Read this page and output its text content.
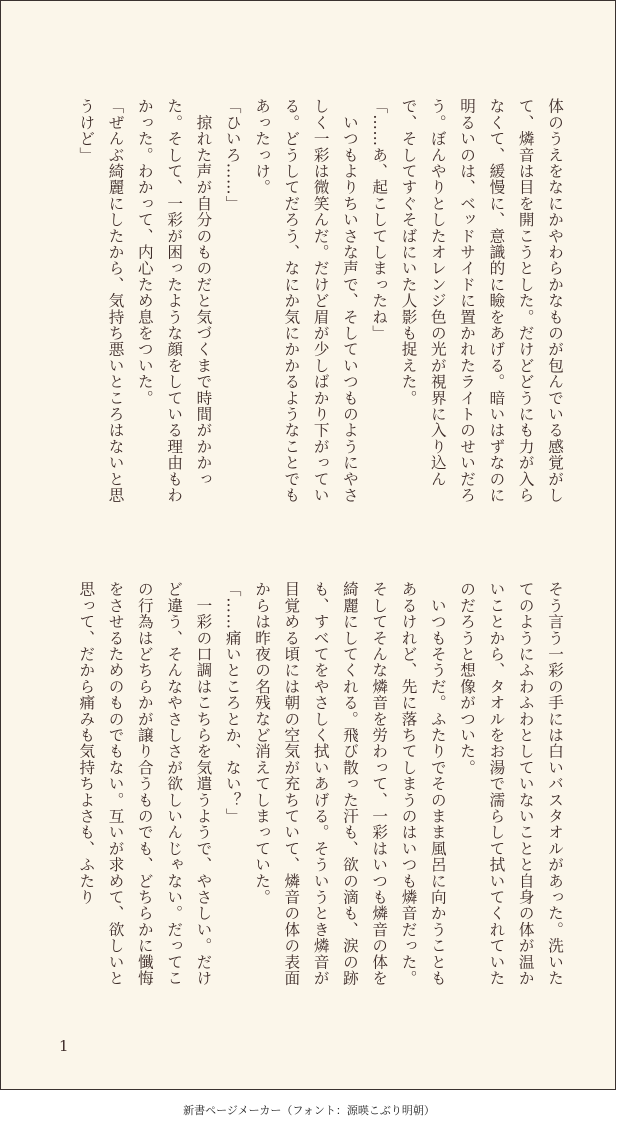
体のうえをなにかやわらかなものが包んでいる感覚がして、燐音は目を開こうとした。だけどどうにも力が入らなくて、緩慢に、意識的に瞼をあげる。暗いはずなのに明るいのは、ベッドサイドに置かれたライトのせいだろう。ぼんやりとしたオレンジ色の光が視界に入り込んで、そしてすぐそばにいた人影も捉えた。

「……あ、起こしてしまったね」

　いつもよりちいさな声で、そしていつものようにやさしく一彩は微笑んだ。だけど眉が少しばかり下がっている。どうしてだろう、なにか気にかかるようなことでもあったっけ。

「ひいろ……」

　掠れた声が自分のものだと気づくまで時間がかかった。そして、一彩が困ったような顔をしている理由もわかった。わかって、内心ため息をついた。

「ぜんぶ綺麗にしたから、気持ち悪いところはないと思うけど」

そう言う一彩の手には白いバスタオルがあった。洗いたてのようにふわふわとしていないことと自身の体が温かいことから、タオルをお湯で濡らして拭いてくれていたのだろうと想像がついた。

　いつもそうだ。ふたりでそのまま風呂に向かうこともあるけれど、先に落ちてしまうのはいつも燐音だった。そしてそんな燐音を労わって、一彩はいつも燐音の体を綺麗にしてくれる。飛び散った汗も、欲の滴も、涙の跡も、すべてをやさしく拭いあげる。そういうとき燐音が目覚める頃には朝の空気が充ちていて、燐音の体の表面からは昨夜の名残など消えてしまっていた。

「……痛いところとか、ない？」

　一彩の口調はこちらを気遣うようで、やさしい。だけど違う、そんなやさしさが欲しいんじゃない。だってこの行為はどちらかが譲り合うものでも、どちらかに懺悔をさせるためのものでもない。互いが求めて、欲しいと思って、だから痛みも気持ちよさも、ふたり

1
新書ページメーカー（フォント：源暎こぶり明朝）
